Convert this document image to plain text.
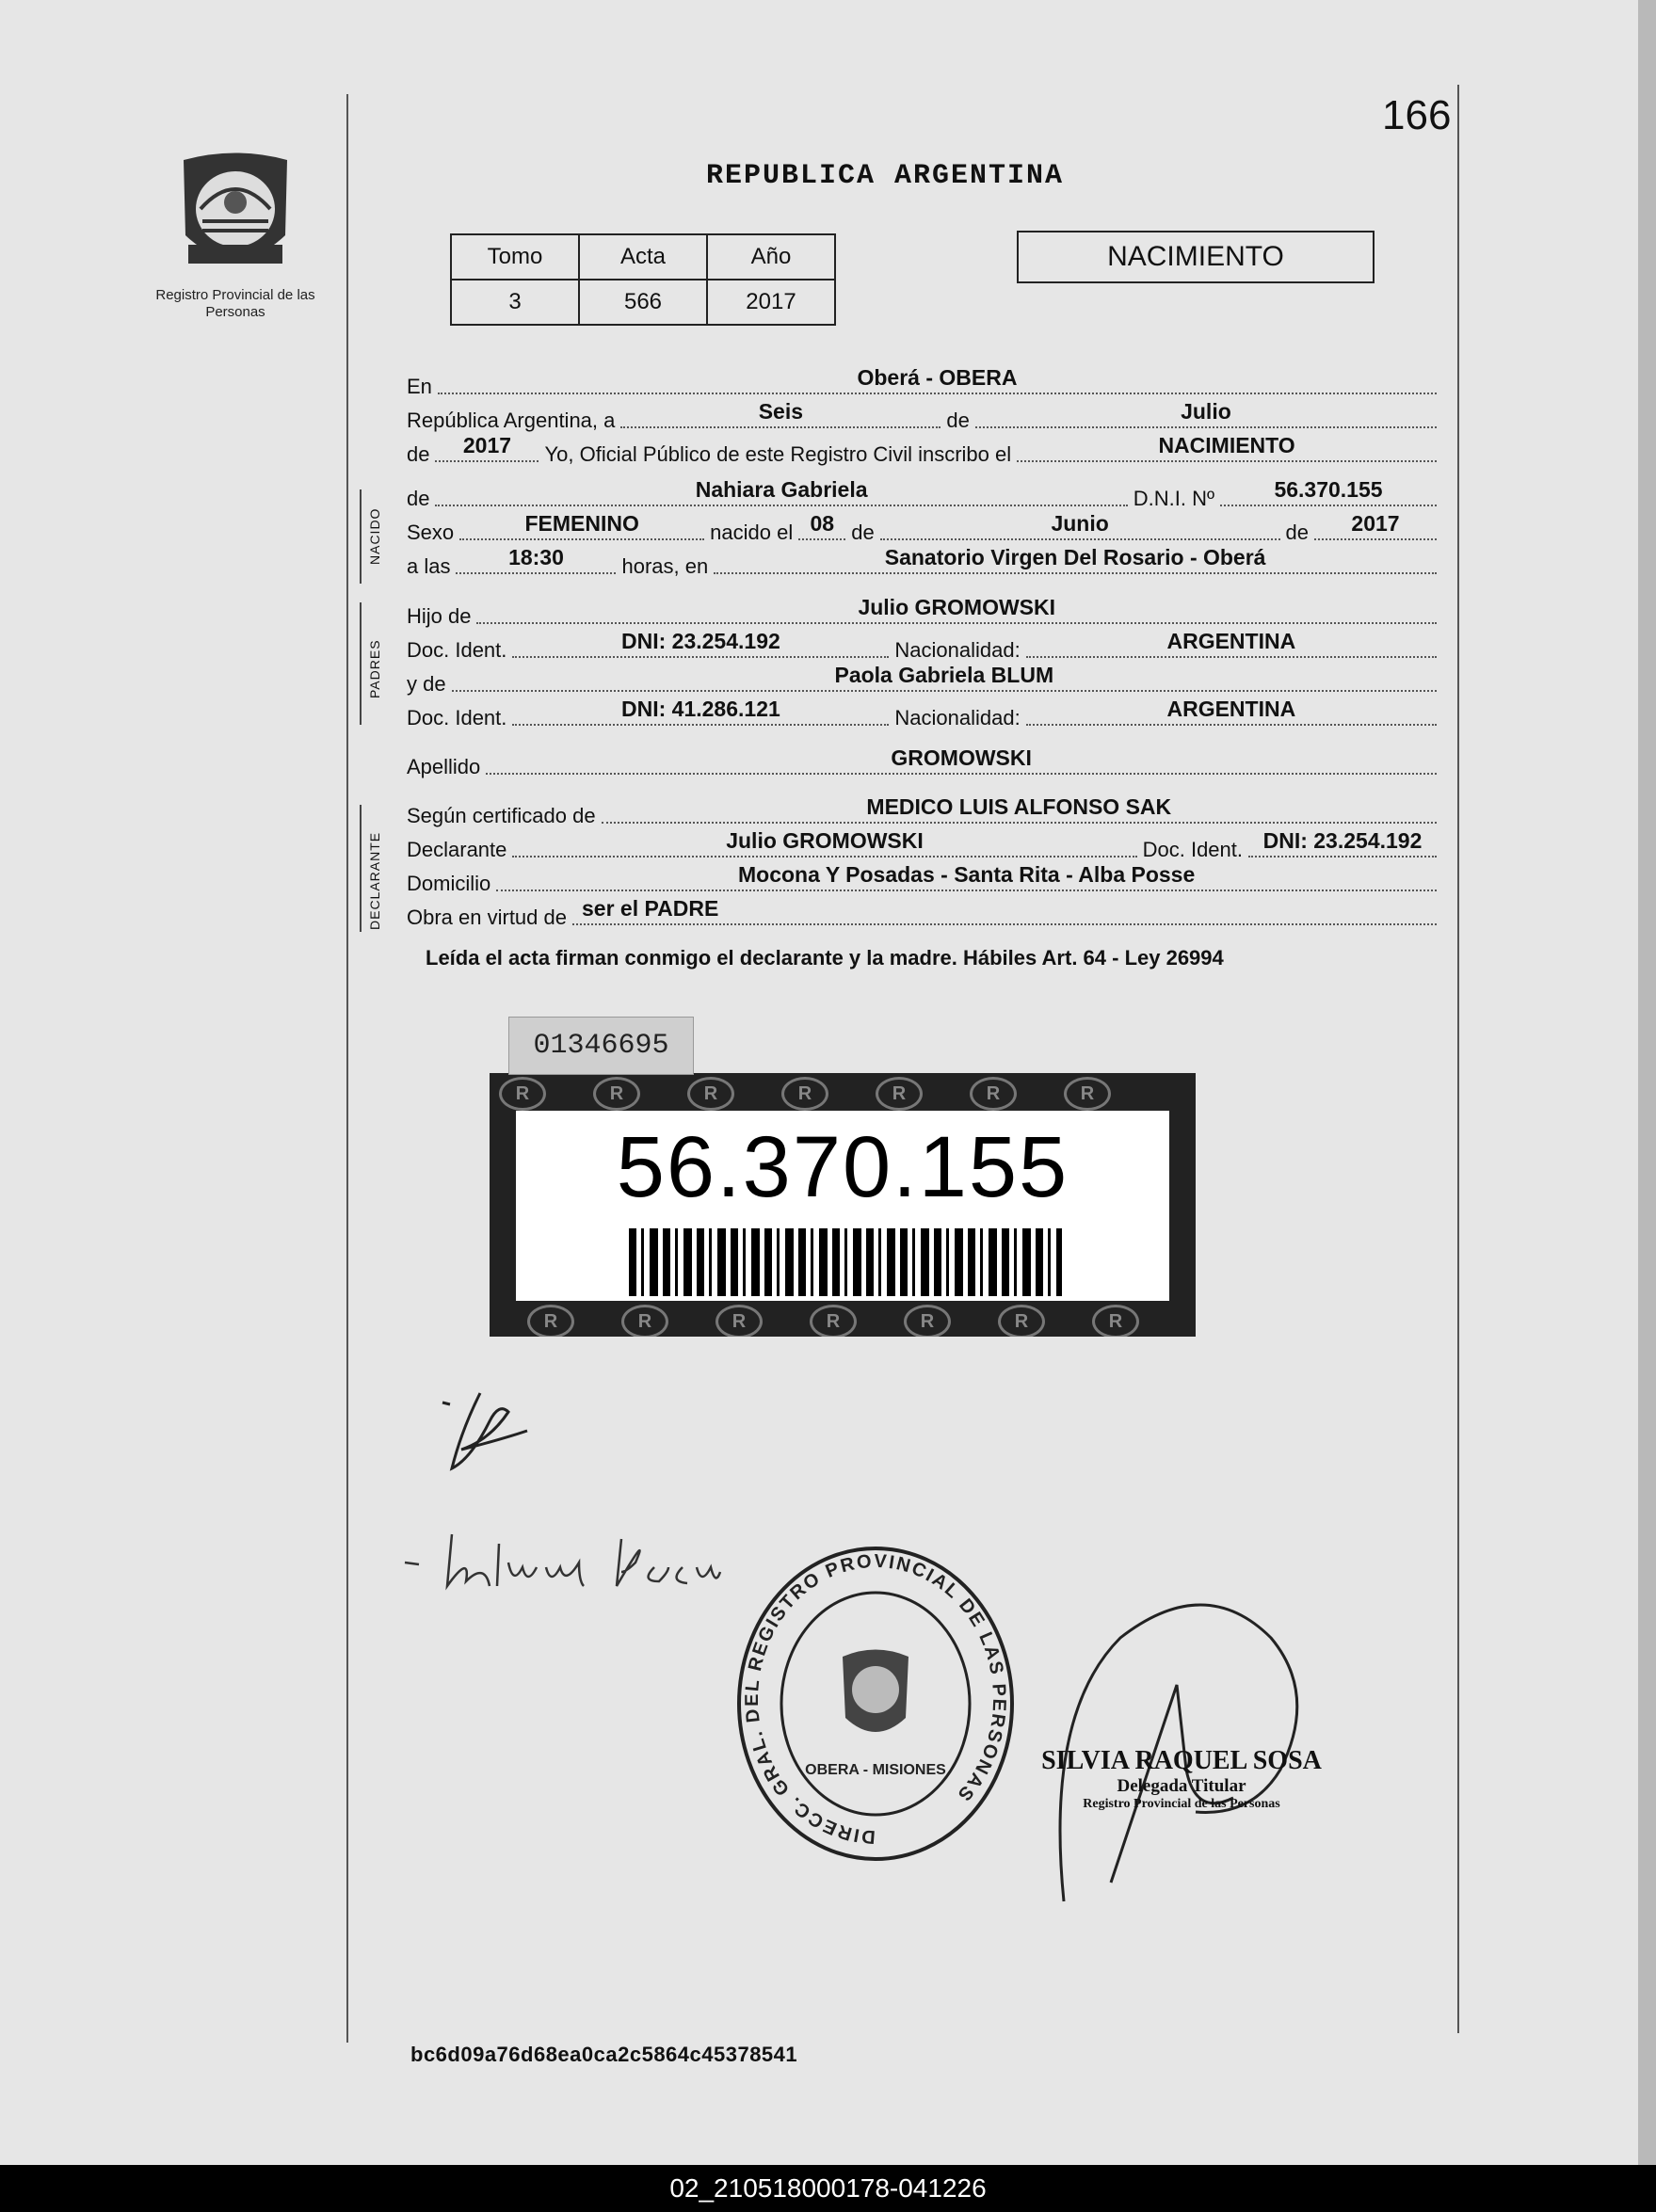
Registro Provincial de las Personas
166
REPUBLICA ARGENTINA
Tomo	Acta	Año
3	566	2017
NACIMIENTO
En	Oberá - OBERA
República Argentina, a	Seis	de	Julio
de	2017	Yo, Oficial Público de este Registro Civil inscribo el	NACIMIENTO
NACIDO
de	Nahiara Gabriela	D.N.I. Nº	56.370.155
Sexo	FEMENINO	nacido el 08 de	Junio	de	2017
a las	18:30	horas, en	Sanatorio Virgen Del Rosario - Oberá
PADRES
Hijo de	Julio GROMOWSKI
Doc. Ident.	DNI: 23.254.192	Nacionalidad:	ARGENTINA
y de	Paola Gabriela BLUM
Doc. Ident.	DNI: 41.286.121	Nacionalidad:	ARGENTINA
Apellido	GROMOWSKI
DECLARANTE
Según certificado de	MEDICO LUIS ALFONSO SAK
Declarante	Julio GROMOWSKI	Doc. Ident. DNI: 23.254.192
Domicilio	Mocona Y Posadas - Santa Rita - Alba Posse
Obra en virtud de ser el PADRE
Leída el acta firman conmigo el declarante y la madre. Hábiles Art. 64 - Ley 26994
R	R	R	R	R	R	R
R	R	R	R	R	R	R
56.370.155
01346695
DIRECC. GRAL. DEL REGISTRO PROVINCIAL DE LAS PERSONAS
OBERA - MISIONES	SILVIA RAQUEL SOSA
Delegada Titular
Registro Provincial de las Personas
bc6d09a76d68ea0ca2c5864c45378541
02_210518000178-041226
